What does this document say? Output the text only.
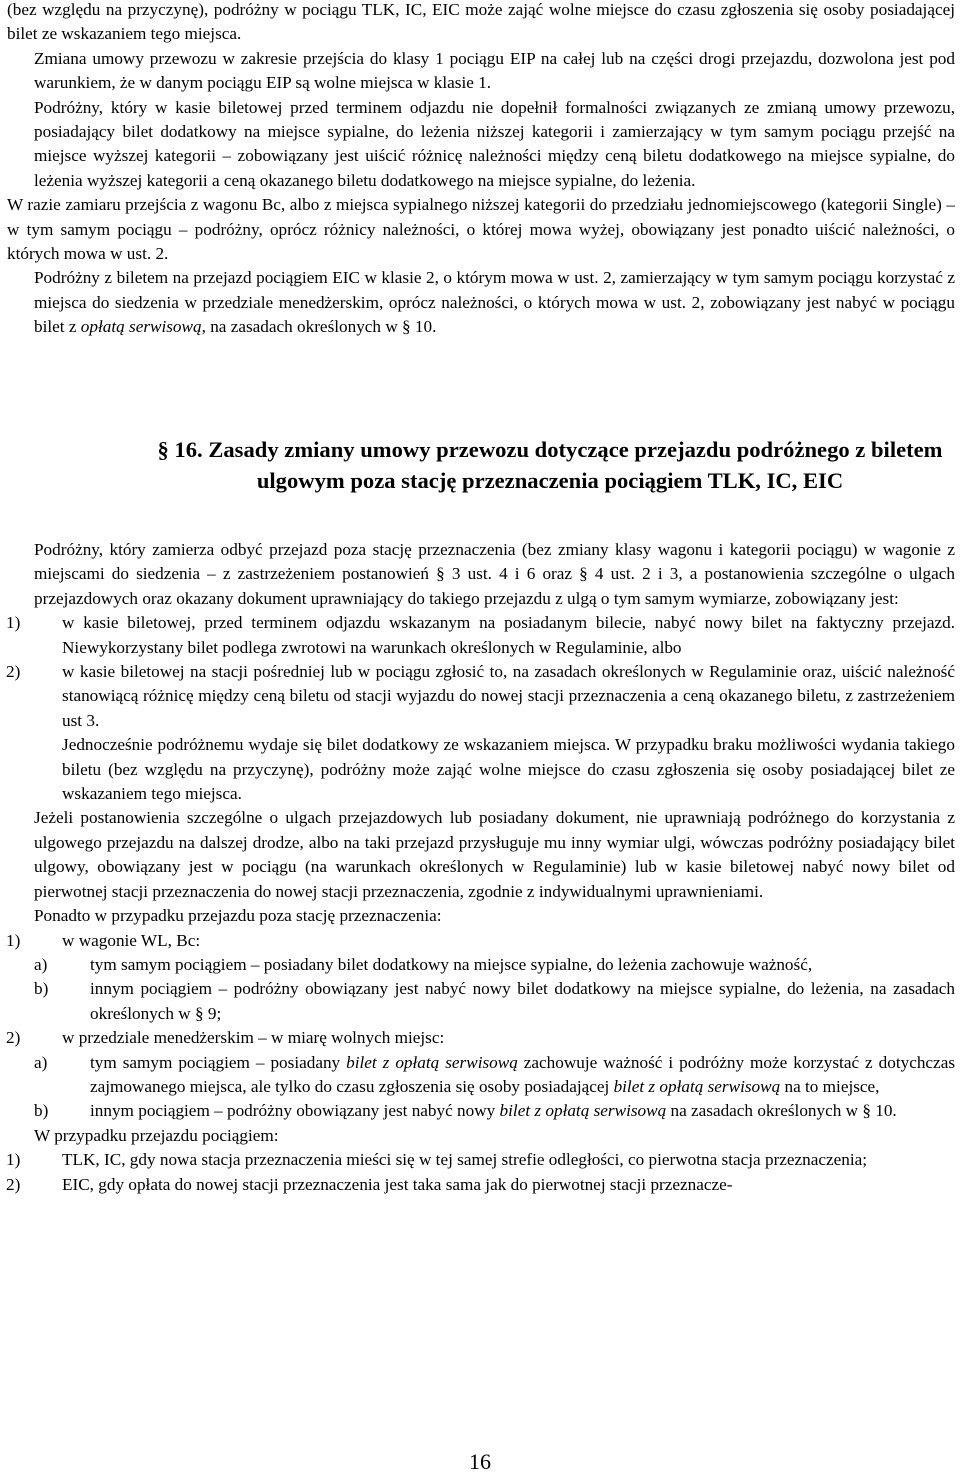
(bez względu na przyczynę), podróżny w pociągu TLK, IC, EIC może zająć wolne miejsce do czasu zgłoszenia się osoby posiadającej bilet ze wskazaniem tego miejsca.

Zmiana umowy przewozu w zakresie przejścia do klasy 1 pociągu EIP na całej lub na części drogi przejazdu, dozwolona jest pod warunkiem, że w danym pociągu EIP są wolne miejsca w klasie 1.

Podróżny, który w kasie biletowej przed terminem odjazdu nie dopełnił formalności związanych ze zmianą umowy przewozu, posiadający bilet dodatkowy na miejsce sypialne, do leżenia niższej kategorii i zamierzający w tym samym pociągu przejść na miejsce wyższej kategorii – zobowiązany jest uiścić różnicę należności między ceną biletu dodatkowego na miejsce sypialne, do leżenia wyższej kategorii a ceną okazanego biletu dodatkowego na miejsce sypialne, do leżenia.

W razie zamiaru przejścia z wagonu Bc, albo z miejsca sypialnego niższej kategorii do przedziału jednomiejscowego (kategorii Single) – w tym samym pociągu – podróżny, oprócz różnicy należności, o której mowa wyżej, obowiązany jest ponadto uiścić należności, o których mowa w ust. 2.

Podróżny z biletem na przejazd pociągiem EIC w klasie 2, o którym mowa w ust. 2, zamierzający w tym samym pociągu korzystać z miejsca do siedzenia w przedziale menedżerskim, oprócz należności, o których mowa w ust. 2, zobowiązany jest nabyć w pociągu bilet z opłatą serwisową, na zasadach określonych w § 10.

§ 16. Zasady zmiany umowy przewozu dotyczące przejazdu podróżnego z biletem ulgowym poza stację przeznaczenia pociągiem TLK, IC, EIC

Podróżny, który zamierza odbyć przejazd poza stację przeznaczenia (bez zmiany klasy wagonu i kategorii pociągu) w wagonie z miejscami do siedzenia – z zastrzeżeniem postanowień § 3 ust. 4 i 6 oraz § 4 ust. 2 i 3, a postanowienia szczególne o ulgach przejazdowych oraz okazany dokument uprawniający do takiego przejazdu z ulgą o tym samym wymiarze, zobowiązany jest:

1) w kasie biletowej, przed terminem odjazdu wskazanym na posiadanym bilecie, nabyć nowy bilet na faktyczny przejazd. Niewykorzystany bilet podlega zwrotowi na warunkach określonych w Regulaminie, albo

2) w kasie biletowej na stacji pośredniej lub w pociągu zgłosić to, na zasadach określonych w Regulaminie oraz, uiścić należność stanowiącą różnicę między ceną biletu od stacji wyjazdu do nowej stacji przeznaczenia a ceną okazanego biletu, z zastrzeżeniem ust 3.

Jednocześnie podróżnemu wydaje się bilet dodatkowy ze wskazaniem miejsca. W przypadku braku możliwości wydania takiego biletu (bez względu na przyczynę), podróżny może zająć wolne miejsce do czasu zgłoszenia się osoby posiadającej bilet ze wskazaniem tego miejsca.

Jeżeli postanowienia szczególne o ulgach przejazdowych lub posiadany dokument, nie uprawniają podróżnego do korzystania z ulgowego przejazdu na dalszej drodze, albo na taki przejazd przysługuje mu inny wymiar ulgi, wówczas podróżny posiadający bilet ulgowy, obowiązany jest w pociągu (na warunkach określonych w Regulaminie) lub w kasie biletowej nabyć nowy bilet od pierwotnej stacji przeznaczenia do nowej stacji przeznaczenia, zgodnie z indywidualnymi uprawnieniami.

Ponadto w przypadku przejazdu poza stację przeznaczenia:

1) w wagonie WL, Bc:

a) tym samym pociągiem – posiadany bilet dodatkowy na miejsce sypialne, do leżenia zachowuje ważność,

b) innym pociągiem – podróżny obowiązany jest nabyć nowy bilet dodatkowy na miejsce sypialne, do leżenia, na zasadach określonych w § 9;

2) w przedziale menedżerskim – w miarę wolnych miejsc:

a) tym samym pociągiem – posiadany bilet z opłatą serwisową zachowuje ważność i podróżny może korzystać z dotychczas zajmowanego miejsca, ale tylko do czasu zgłoszenia się osoby posiadającej bilet z opłatą serwisową na to miejsce,

b) innym pociągiem – podróżny obowiązany jest nabyć nowy bilet z opłatą serwisową na zasadach określonych w § 10.

W przypadku przejazdu pociągiem:

1) TLK, IC, gdy nowa stacja przeznaczenia mieści się w tej samej strefie odległości, co pierwotna stacja przeznaczenia;

2) EIC, gdy opłata do nowej stacji przeznaczenia jest taka sama jak do pierwotnej stacji przeznacze-

16
